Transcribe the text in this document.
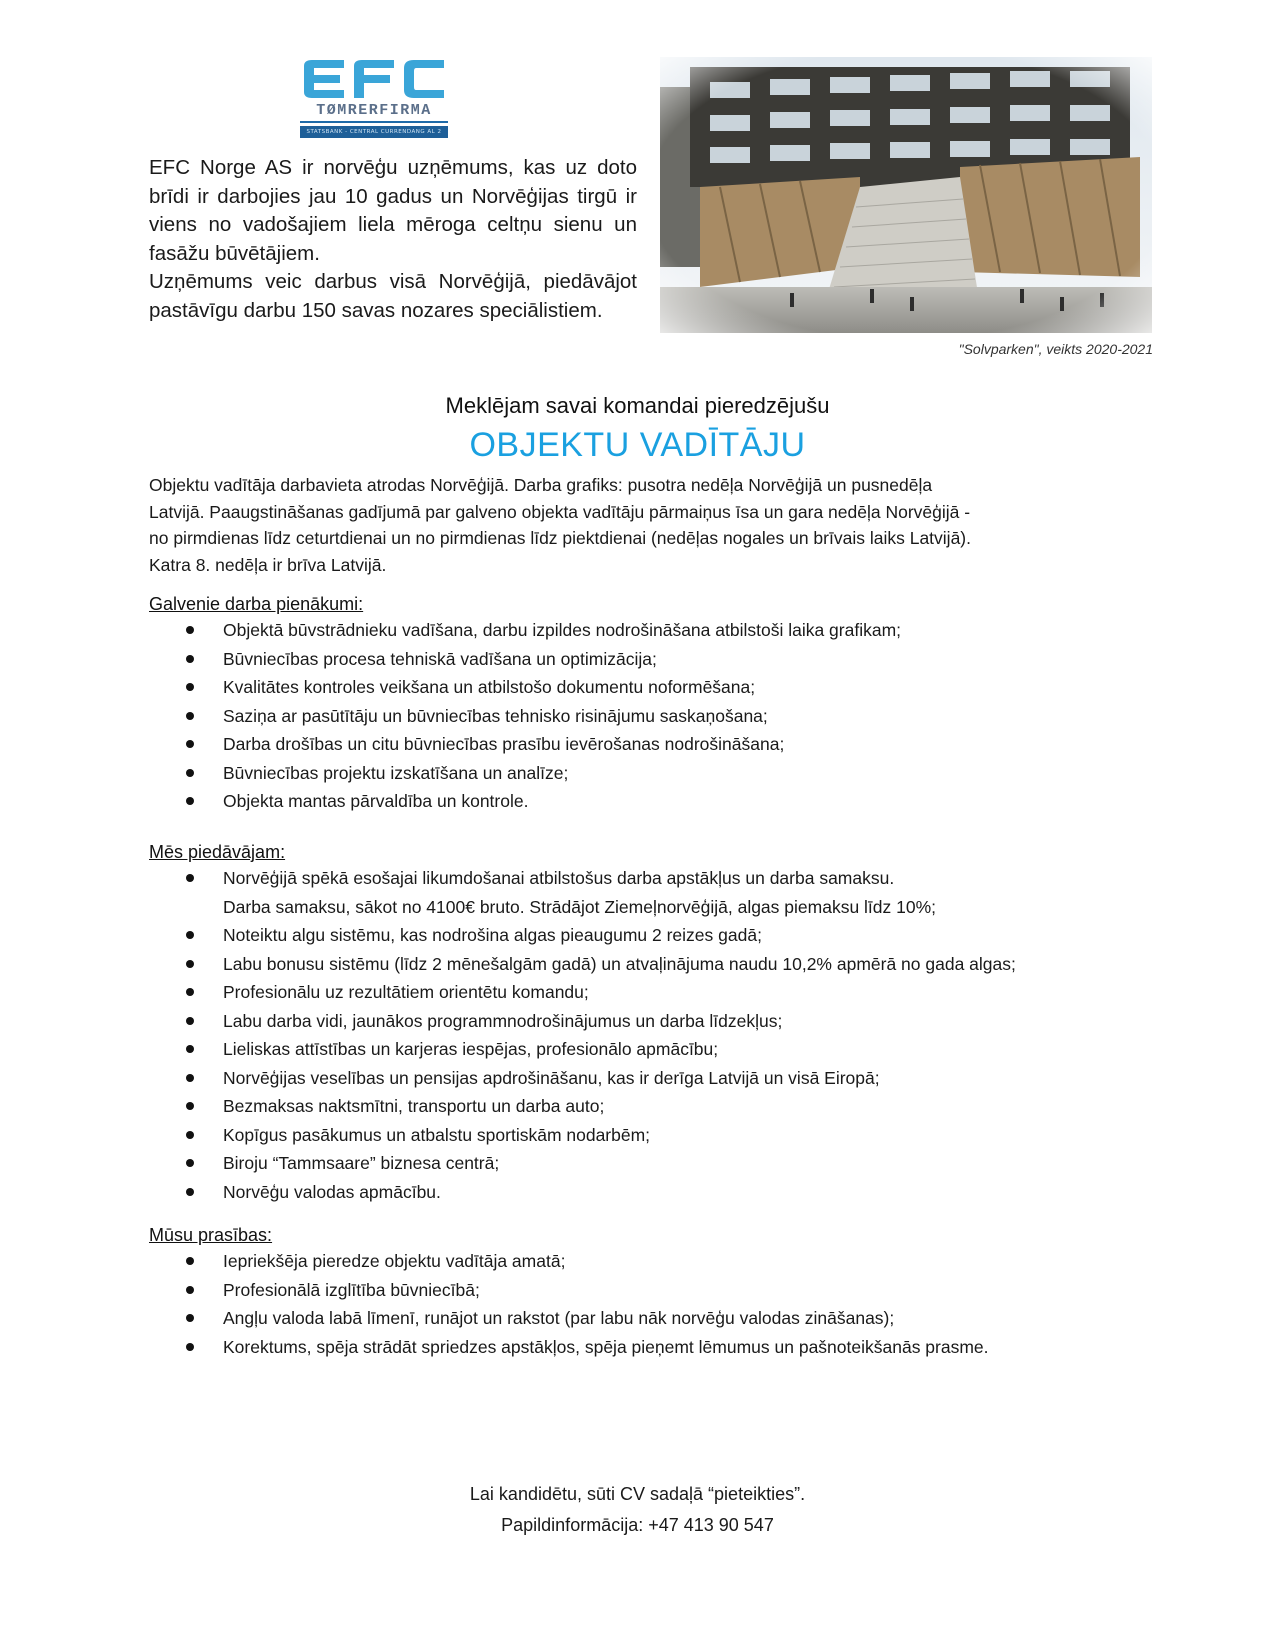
TØMRERFIRMA
STATSBANK - CENTRAL CURRENDANG AL 2

EFC Norge AS ir norvēģu uzņēmums, kas uz doto brīdi ir darbojies jau 10 gadus un Norvēģijas tirgū ir viens no vadošajiem liela mēroga celtņu sienu un fasāžu būvētājiem.

Uzņēmums veic darbus visā Norvēģijā, piedāvājot pastāvīgu darbu 150 savas nozares speciālistiem.

"Solvparken", veikts 2020-2021
Meklējam savai komandai pieredzējušu
OBJEKTU VADĪTĀJU
Objektu vadītāja darbavieta atrodas Norvēģijā. Darba grafiks: pusotra nedēļa Norvēģijā un pusnedēļa
Latvijā. Paaugstināšanas gadījumā par galveno objekta vadītāju pārmaiņus īsa un gara nedēļa Norvēģijā -
no pirmdienas līdz ceturtdienai un no pirmdienas līdz piektdienai (nedēļas nogales un brīvais laiks Latvijā).
Katra 8. nedēļa ir brīva Latvijā.
Galvenie darba pienākumi:
Objektā būvstrādnieku vadīšana, darbu izpildes nodrošināšana atbilstoši laika grafikam;
Būvniecības procesa tehniskā vadīšana un optimizācija;
Kvalitātes kontroles veikšana un atbilstošo dokumentu noformēšana;
Saziņa ar pasūtītāju un būvniecības tehnisko risinājumu saskaņošana;
Darba drošības un citu būvniecības prasību ievērošanas nodrošināšana;
Būvniecības projektu izskatīšana un analīze;
Objekta mantas pārvaldība un kontrole.
Mēs piedāvājam:
Norvēģijā spēkā esošajai likumdošanai atbilstošus darba apstākļus un darba samaksu.
Darba samaksu, sākot no 4100€ bruto. Strādājot Ziemeļnorvēģijā, algas piemaksu līdz 10%;
Noteiktu algu sistēmu, kas nodrošina algas pieaugumu 2 reizes gadā;
Labu bonusu sistēmu (līdz 2 mēnešalgām gadā) un atvaļinājuma naudu 10,2% apmērā no gada algas;
Profesionālu uz rezultātiem orientētu komandu;
Labu darba vidi, jaunākos programmnodrošinājumus un darba līdzekļus;
Lieliskas attīstības un karjeras iespējas, profesionālo apmācību;
Norvēģijas veselības un pensijas apdrošināšanu, kas ir derīga Latvijā un visā Eiropā;
Bezmaksas naktsmītni, transportu un darba auto;
Kopīgus pasākumus un atbalstu sportiskām nodarbēm;
Biroju “Tammsaare” biznesa centrā;
Norvēģu valodas apmācību.
Mūsu prasības:
Iepriekšēja pieredze objektu vadītāja amatā;
Profesionālā izglītība būvniecībā;
Angļu valoda labā līmenī, runājot un rakstot (par labu nāk norvēģu valodas zināšanas);
Korektums, spēja strādāt spriedzes apstākļos, spēja pieņemt lēmumus un pašnoteikšanās prasme.
Lai kandidētu, sūti CV sadaļā “pieteikties”.
Papildinformācija: +47 413 90 547
